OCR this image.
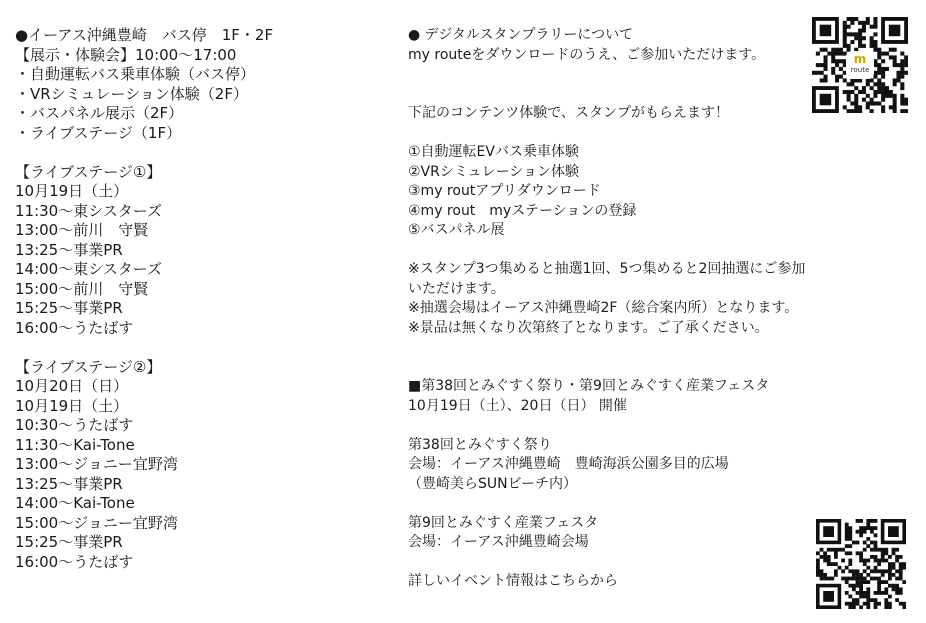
●イーアス沖縄豊崎　バス停　1F・2F
【展示・体験会】10:00～17:00
・自動運転バス乗車体験（バス停）
・VRシミュレーション体験（2F）
・バスパネル展示（2F）
・ライブステージ（1F）
【ライブステージ①】
10月19日（土）
11:30～東シスターズ
13:00～前川　守賢
13:25～事業PR
14:00～東シスターズ
15:00～前川　守賢
15:25～事業PR
16:00～うたばす
【ライブステージ②】
10月20日（日）
10月19日（土）
10:30～うたばす
11:30～Kai-Tone
13:00～ジョニー宜野湾
13:25～事業PR
14:00～Kai-Tone
15:00～ジョニー宜野湾
15:25～事業PR
16:00～うたばす
● デジタルスタンプラリーについて
my routeをダウンロードのうえ、ご参加いただけます。
下記のコンテンツ体験で、スタンプがもらえます！
①自動運転EVバス乗車体験
②VRシミュレーション体験
③my routアプリダウンロード
④my rout　myステーションの登録
⑤バスパネル展
※スタンプ3つ集めると抽選1回、5つ集めると2回抽選にご参加
いただけます。
※抽選会場はイーアス沖縄豊崎2F（総合案内所）となります。
※景品は無くなり次第終了となります。ご了承ください。
■第38回とみぐすく祭り・第9回とみぐすく産業フェスタ
10月19日（土）、20日（日） 開催
第38回とみぐすく祭り
会場：イーアス沖縄豊崎　豊崎海浜公園多目的広場
（豊崎美らSUNビーチ内）
第9回とみぐすく産業フェスタ
会場：イーアス沖縄豊崎会場
詳しいイベント情報はこちらから
m
route
